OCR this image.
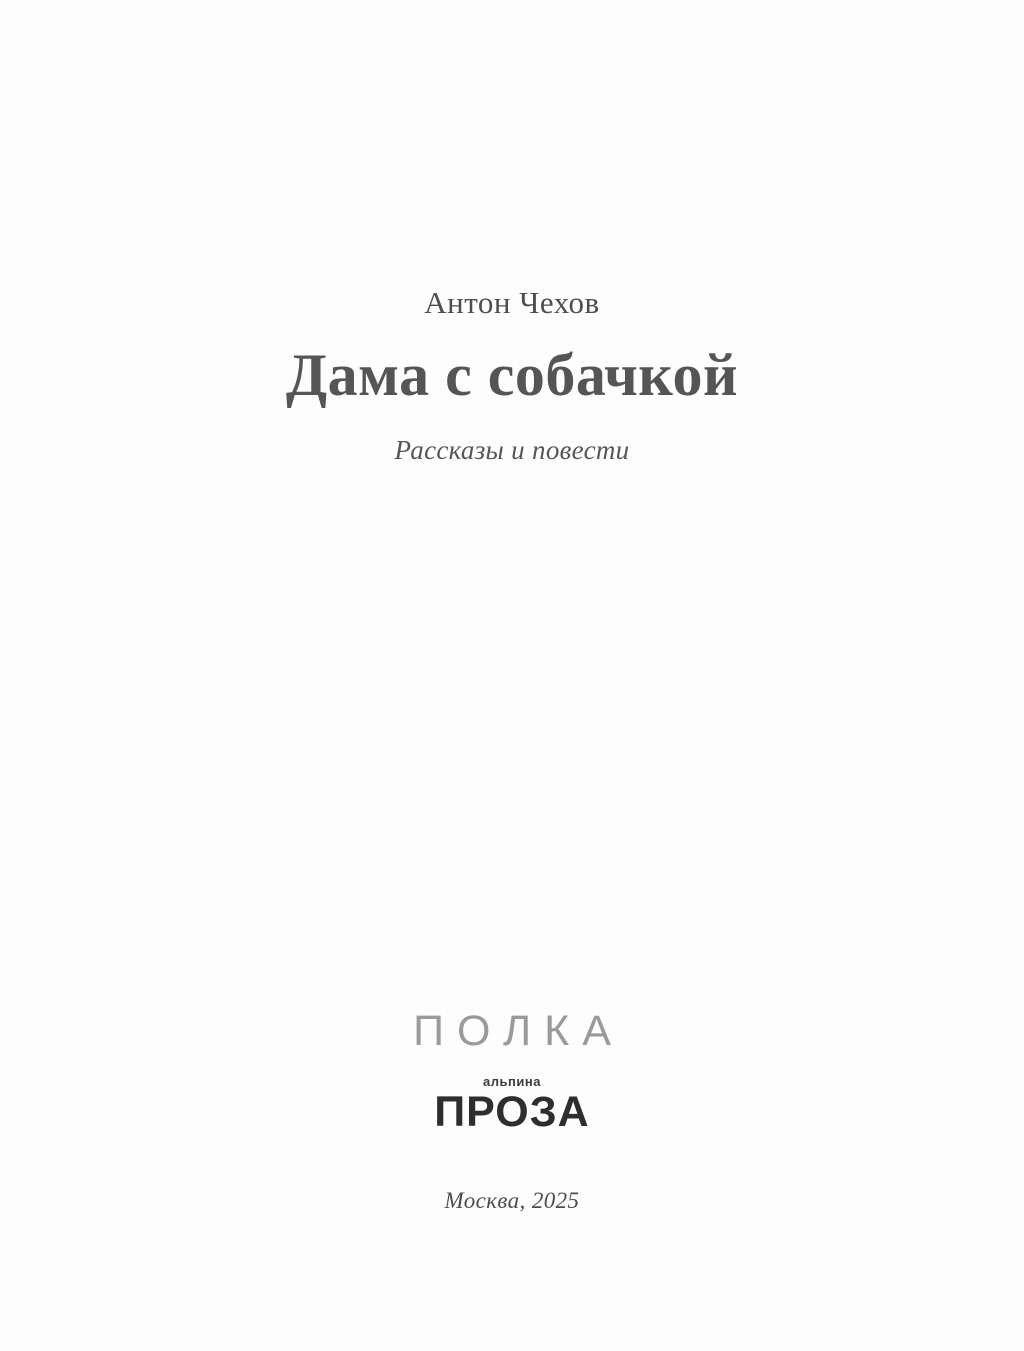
Антон Чехов
Дама с собачкой
Рассказы и повести
ПОЛКА
альпина
ПРОЗА
Москва, 2025
